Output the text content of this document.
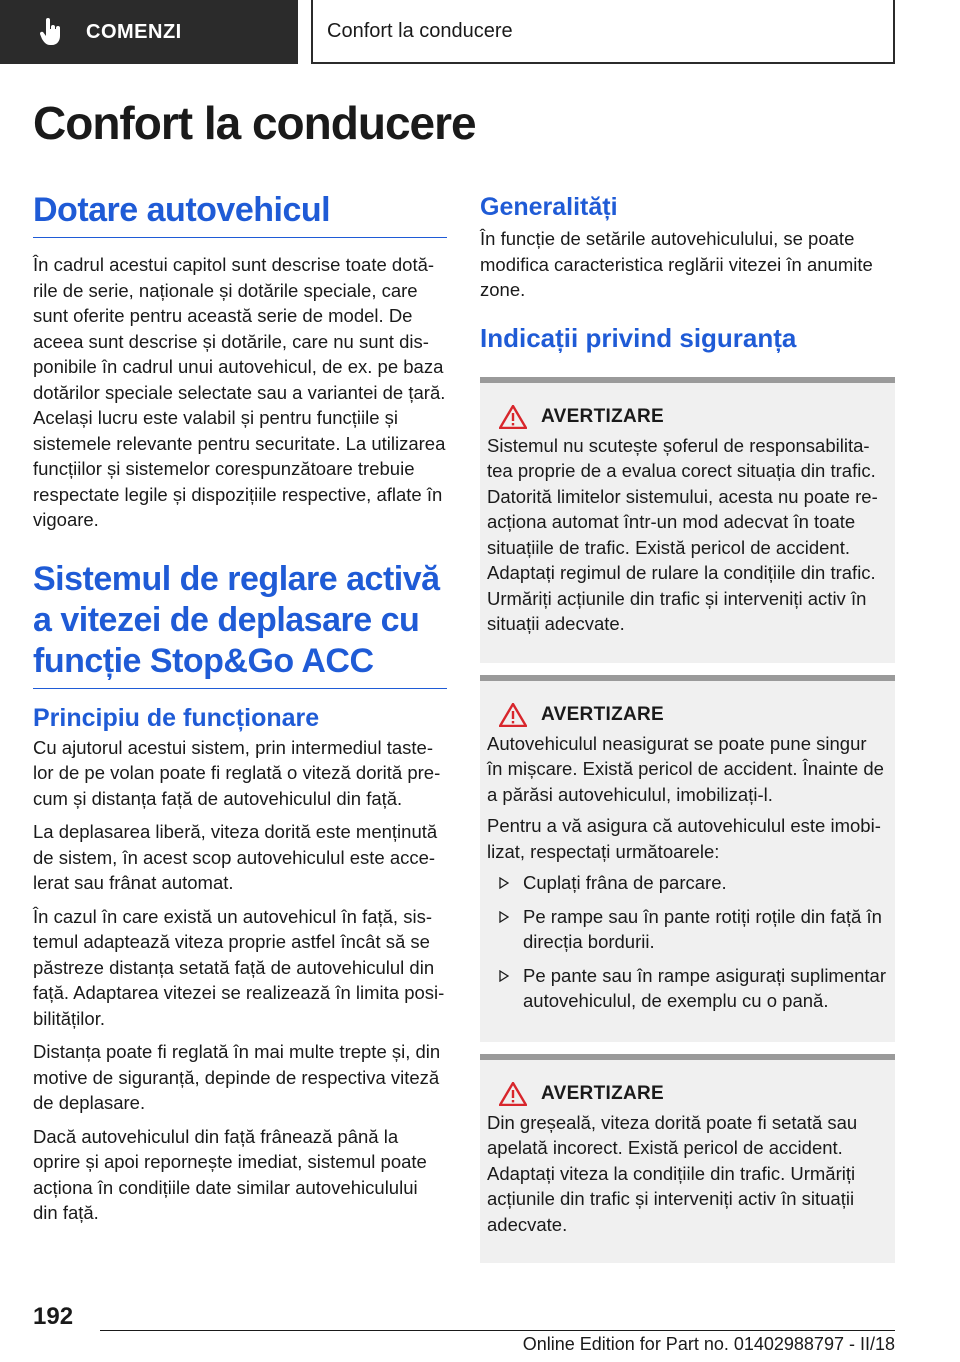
COMENZI	Confort la conducere
Confort la conducere
Dotare autovehicul

În cadrul acestui capitol sunt descrise toate dotările de serie, naționale și dotările speciale, care sunt oferite pentru această serie de model. De aceea sunt descrise și dotările, care nu sunt disponibile în cadrul unui autovehicul, de ex. pe baza dotărilor speciale selectate sau a variantei de țară. Același lucru este valabil și pentru funcțiile și sistemele relevante pentru securitate. La utilizarea funcțiilor și sistemelor corespunzătoare trebuie respectate legile și dispozițiile respective, aflate în vigoare.

Sistemul de reglare activă a vitezei de deplasare cu funcție Stop&Go ACC
Principiu de funcționare

Cu ajutorul acestui sistem, prin intermediul tastelor de pe volan poate fi reglată o viteză dorită precum și distanța față de autovehiculul din față.

La deplasarea liberă, viteza dorită este menținută de sistem, în acest scop autovehiculul este accelerat sau frânat automat.

În cazul în care există un autovehicul în față, sistemul adaptează viteza proprie astfel încât să se păstreze distanța setată față de autovehiculul din față. Adaptarea vitezei se realizează în limita posibilităților.

Distanța poate fi reglată în mai multe trepte și, din motive de siguranță, depinde de respectiva viteză de deplasare.

Dacă autovehiculul din față frânează până la oprire și apoi repornește imediat, sistemul poate acționa în condițiile date similar autovehiculului din față.

Generalități

În funcție de setările autovehiculului, se poate modifica caracteristica reglării vitezei în anumite zone.

Indicații privind siguranța
AVERTIZARE

Sistemul nu scutește șoferul de responsabilitatea proprie de a evalua corect situația din trafic. Datorită limitelor sistemului, acesta nu poate reacționa automat într-un mod adecvat în toate situațiile de trafic. Există pericol de accident. Adaptați regimul de rulare la condițiile din trafic. Urmăriți acțiunile din trafic și interveniți activ în situații adecvate.

AVERTIZARE

Autovehiculul neasigurat se poate pune singur în mișcare. Există pericol de accident. Înainte de a părăsi autovehiculul, imobilizați-l.

Pentru a vă asigura că autovehiculul este imobilizat, respectați următoarele:

Cuplați frâna de parcare.
Pe rampe sau în pante rotiți roțile din față în direcția bordurii.
Pe pante sau în rampe asigurați suplimentar autovehiculul, de exemplu cu o pană.
AVERTIZARE

Din greșeală, viteza dorită poate fi setată sau apelată incorect. Există pericol de accident. Adaptați viteza la condițiile din trafic. Urmăriți acțiunile din trafic și interveniți activ în situații adecvate.

192
Online Edition for Part no. 01402988797 - II/18
